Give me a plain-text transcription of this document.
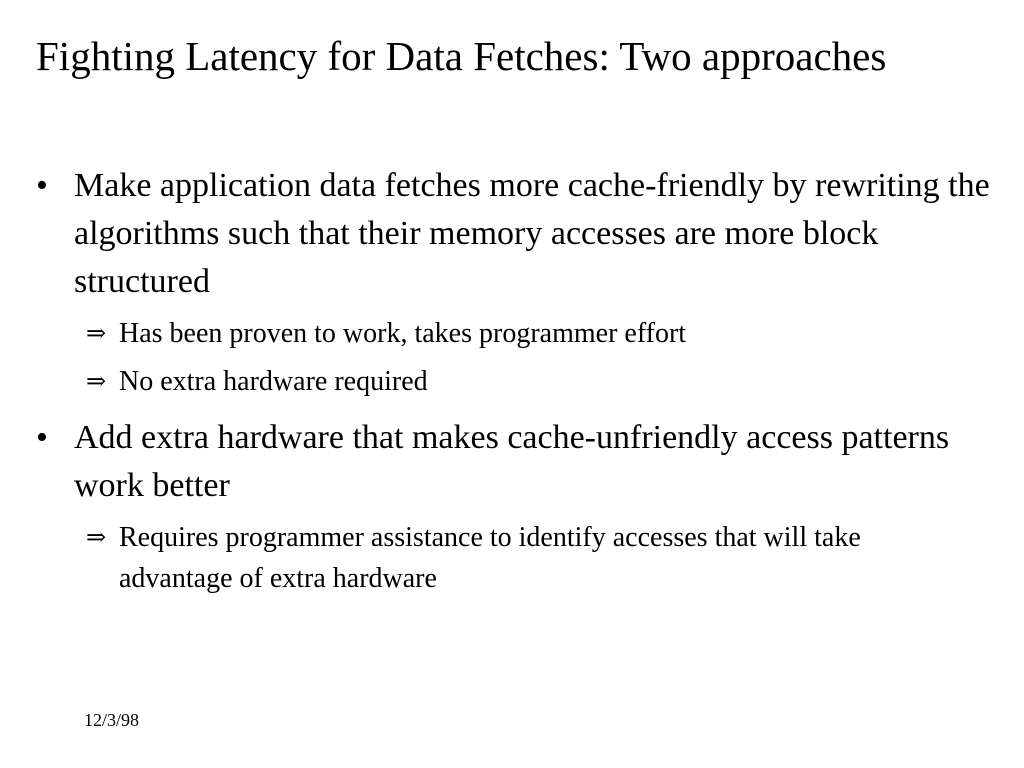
Fighting Latency for Data Fetches: Two approaches
• Make application data fetches more cache-friendly by rewriting the algorithms such that their memory accesses are more block structured
⇒ Has been proven to work, takes programmer effort
⇒ No extra hardware required
• Add extra hardware that makes cache-unfriendly access patterns work better
⇒ Requires programmer assistance to identify accesses that will take advantage of extra hardware
12/3/98
